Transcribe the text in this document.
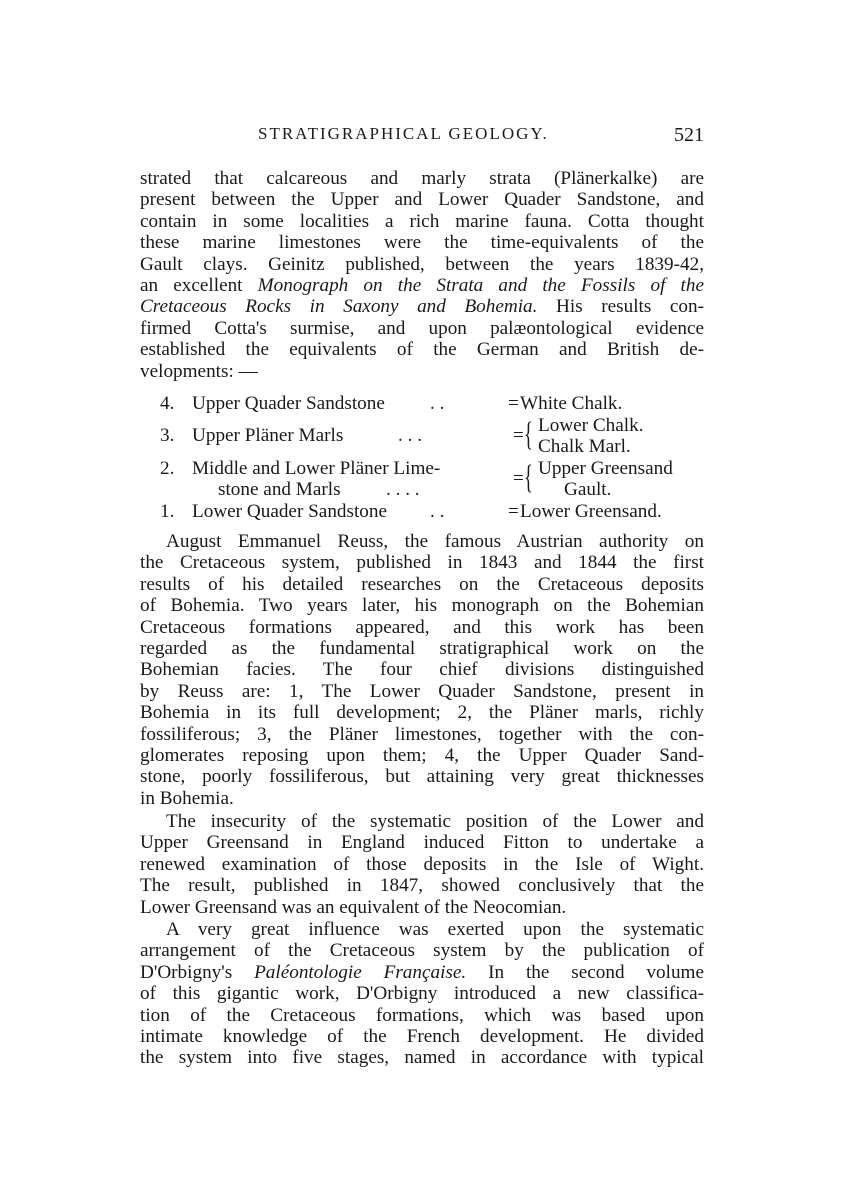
STRATIGRAPHICAL GEOLOGY.	521
strated that calcareous and marly strata (Plänerkalke) are
present between the Upper and Lower Quader Sandstone, and
contain in some localities a rich marine fauna. Cotta thought
these marine limestones were the time-equivalents of the
Gault clays. Geinitz published, between the years 1839-42,
an excellent Monograph on the Strata and the Fossils of the
Cretaceous Rocks in Saxony and Bohemia. His results con-
firmed Cotta's surmise, and upon palæontological evidence
established the equivalents of the German and British de-
velopments: —
4. Upper Quader Sandstone . .	= White Chalk.
3. Upper Pläner Marls	. . .	= { Lower Chalk.
Chalk Marl.
2. Middle and Lower Pläner Lime-
stone and Marls . . . .
= { Upper Greensand
Gault.
1. Lower Quader Sandstone . .	= Lower Greensand.
August Emmanuel Reuss, the famous Austrian authority on
the Cretaceous system, published in 1843 and 1844 the first
results of his detailed researches on the Cretaceous deposits
of Bohemia. Two years later, his monograph on the Bohemian
Cretaceous formations appeared, and this work has been
regarded as the fundamental stratigraphical work on the
Bohemian facies. The four chief divisions distinguished
by Reuss are: 1, The Lower Quader Sandstone, present in
Bohemia in its full development; 2, the Pläner marls, richly
fossiliferous; 3, the Pläner limestones, together with the con-
glomerates reposing upon them; 4, the Upper Quader Sand-
stone, poorly fossiliferous, but attaining very great thicknesses
in Bohemia.
The insecurity of the systematic position of the Lower and
Upper Greensand in England induced Fitton to undertake a
renewed examination of those deposits in the Isle of Wight.
The result, published in 1847, showed conclusively that the
Lower Greensand was an equivalent of the Neocomian.
A very great influence was exerted upon the systematic
arrangement of the Cretaceous system by the publication of
D'Orbigny's Paléontologie Française. In the second volume
of this gigantic work, D'Orbigny introduced a new classifica-
tion of the Cretaceous formations, which was based upon
intimate knowledge of the French development. He divided
the system into five stages, named in accordance with typical
